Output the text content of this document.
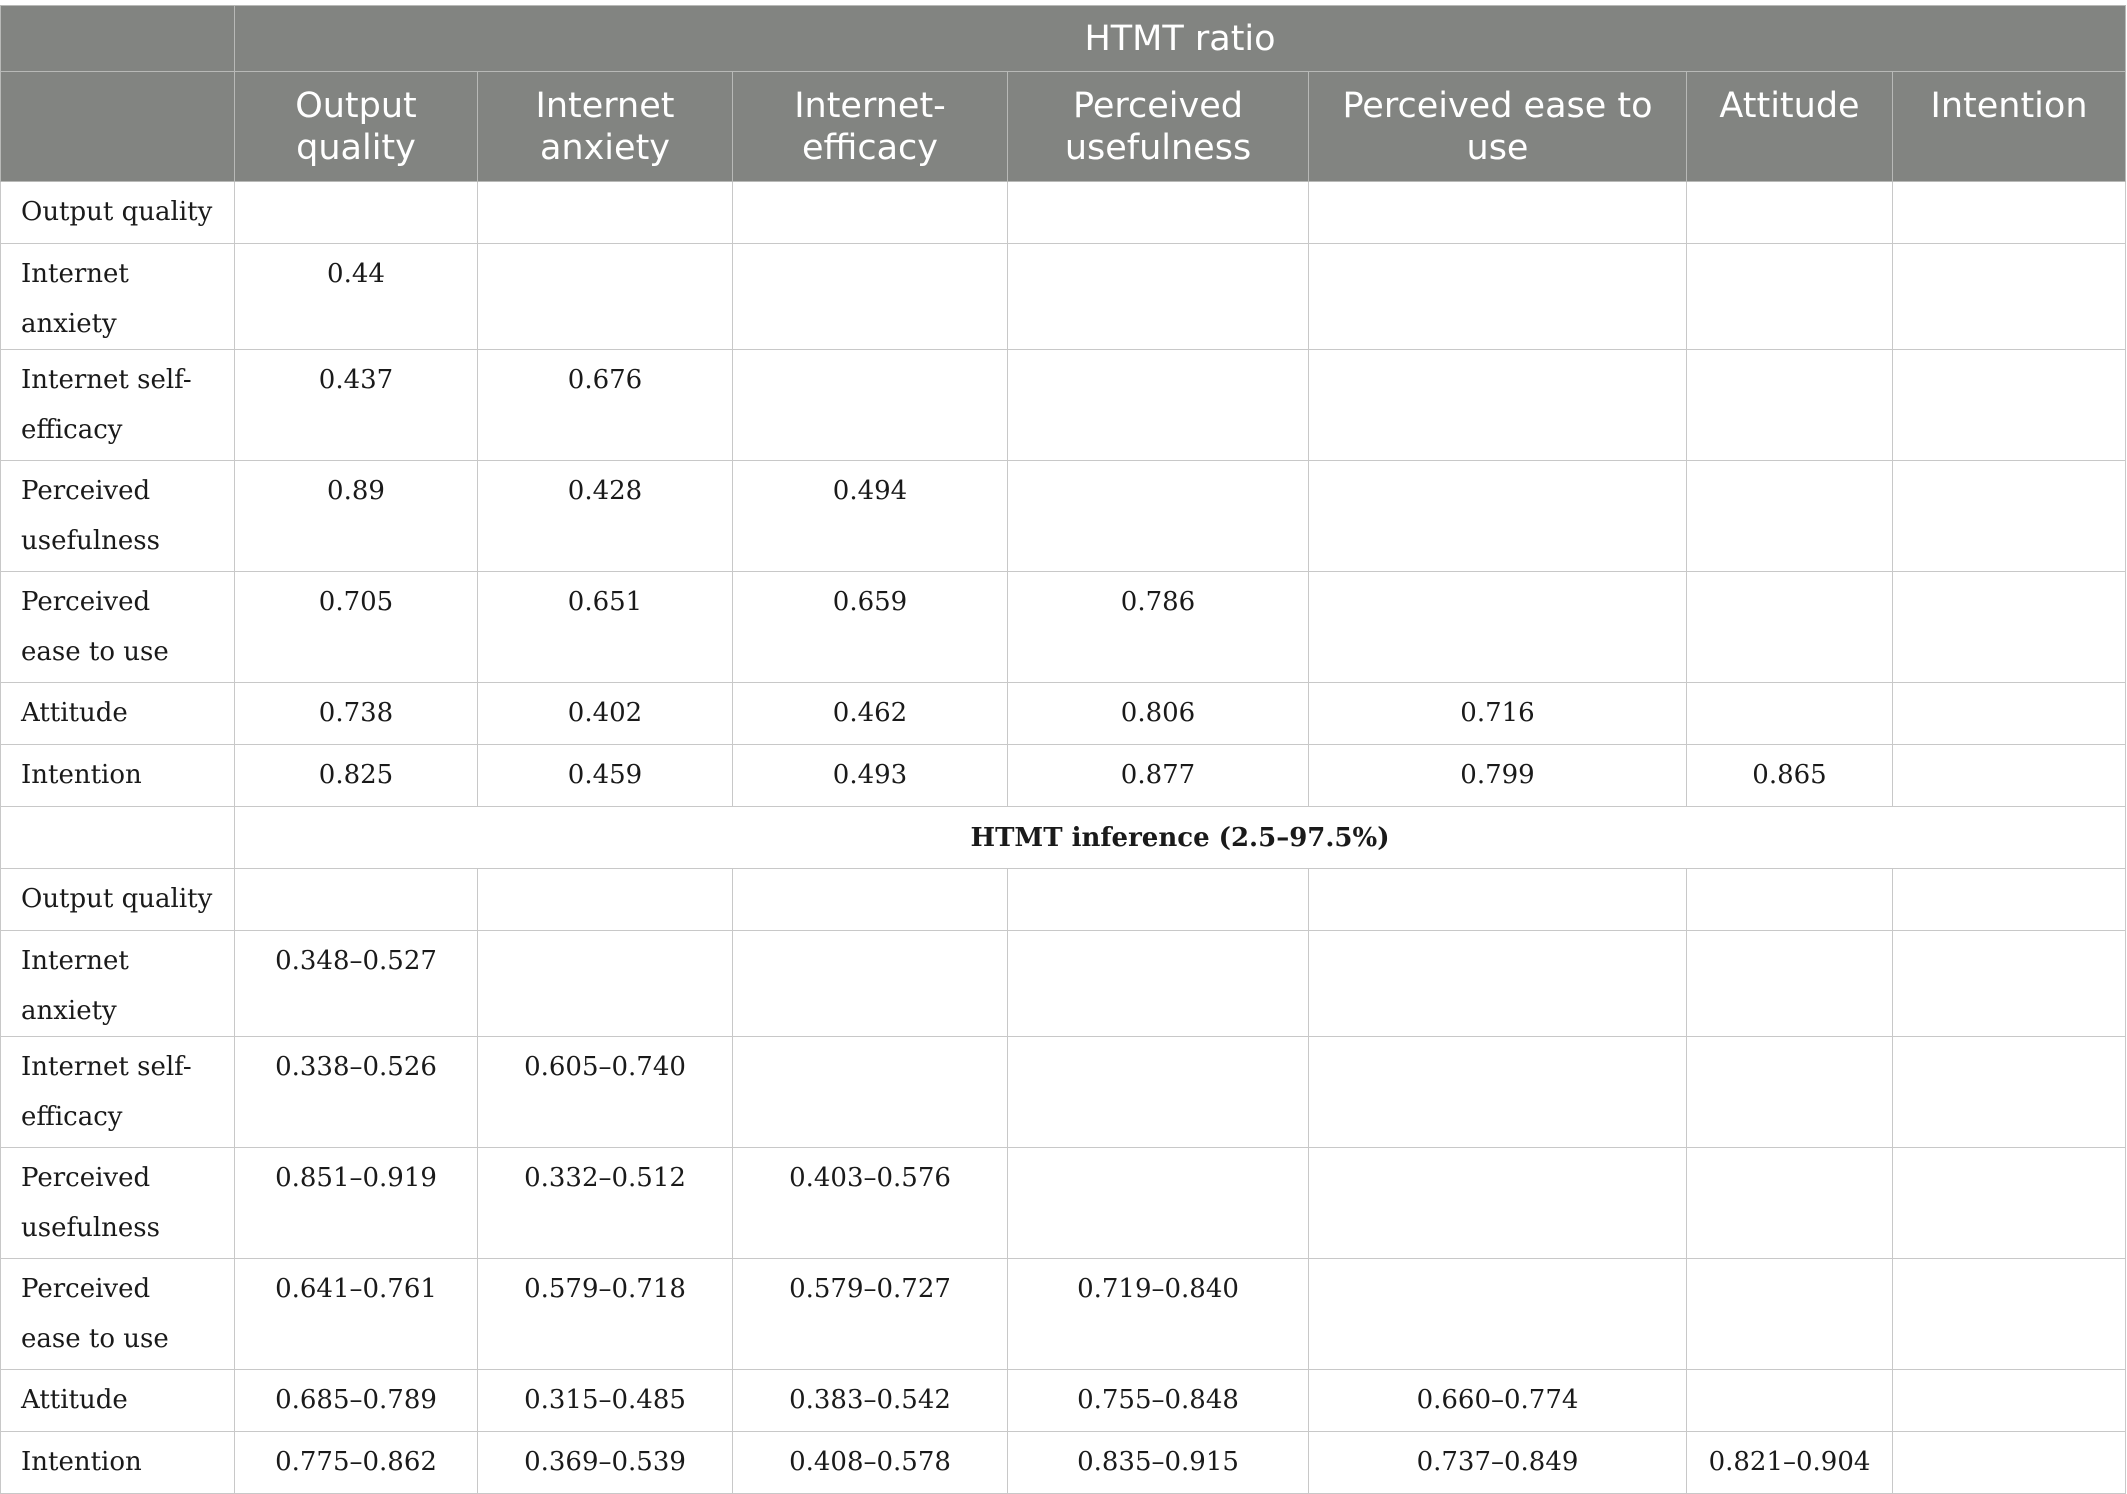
	HTMT ratio						
	Output quality	Internet anxiety	Internet-efficacy	Perceived usefulness	Perceived ease to use	Attitude	Intention
Output quality							
Internet anxiety	0.44						
Internet self-efficacy	0.437	0.676					
Perceived usefulness	0.89	0.428	0.494				
Perceived ease to use	0.705	0.651	0.659	0.786			
Attitude	0.738	0.402	0.462	0.806	0.716		
Intention	0.825	0.459	0.493	0.877	0.799	0.865	
	HTMT inference (2.5–97.5%)						
Output quality							
Internet anxiety	0.348–0.527						
Internet self-efficacy	0.338–0.526	0.605–0.740					
Perceived usefulness	0.851–0.919	0.332–0.512	0.403–0.576				
Perceived ease to use	0.641–0.761	0.579–0.718	0.579–0.727	0.719–0.840			
Attitude	0.685–0.789	0.315–0.485	0.383–0.542	0.755–0.848	0.660–0.774		
Intention	0.775–0.862	0.369–0.539	0.408–0.578	0.835–0.915	0.737–0.849	0.821–0.904	
